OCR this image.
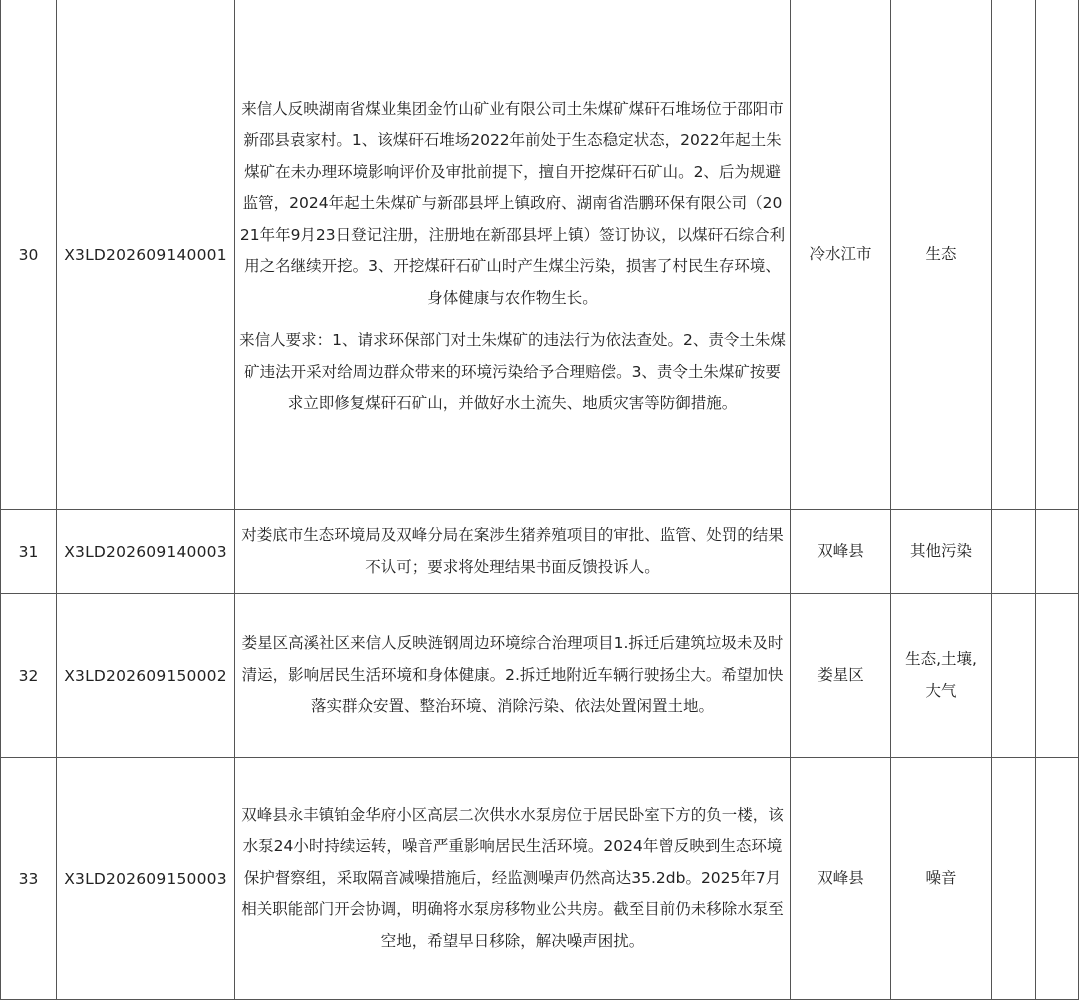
30	X3LD202609140001	来信人反映湖南省煤业集团金竹山矿业有限公司土朱煤矿煤矸石堆场位于邵阳市新邵县袁家村。1、该煤矸石堆场2022年前处于生态稳定状态，2022年起土朱煤矿在未办理环境影响评价及审批前提下，擅自开挖煤矸石矿山。2、后为规避监管，2024年起土朱煤矿与新邵县坪上镇政府、湖南省浩鹏环保有限公司（2021年年9月23日登记注册，注册地在新邵县坪上镇）签订协议，以煤矸石综合利用之名继续开挖。3、开挖煤矸石矿山时产生煤尘污染，损害了村民生存环境、身体健康与农作物生长。
来信人要求：1、请求环保部门对土朱煤矿的违法行为依法查处。2、责令土朱煤矿违法开采对给周边群众带来的环境污染给予合理赔偿。3、责令土朱煤矿按要求立即修复煤矸石矿山，并做好水土流失、地质灾害等防御措施。	冷水江市	生态		

31	X3LD202609140003	对娄底市生态环境局及双峰分局在案涉生猪养殖项目的审批、监管、处罚的结果不认可；要求将处理结果书面反馈投诉人。	双峰县	其他污染		

32	X3LD202609150002	娄星区高溪社区来信人反映涟钢周边环境综合治理项目1.拆迁后建筑垃圾未及时清运，影响居民生活环境和身体健康。2.拆迁地附近车辆行驶扬尘大。希望加快落实群众安置、整治环境、消除污染、依法处置闲置土地。	娄星区	生态,土壤,
大气		

33	X3LD202609150003	双峰县永丰镇铂金华府小区高层二次供水水泵房位于居民卧室下方的负一楼，该水泵24小时持续运转，噪音严重影响居民生活环境。2024年曾反映到生态环境保护督察组，采取隔音减噪措施后，经监测噪声仍然高达35.2db。2025年7月相关职能部门开会协调，明确将水泵房移物业公共房。截至目前仍未移除水泵至空地，希望早日移除，解决噪声困扰。	双峰县	噪音		
